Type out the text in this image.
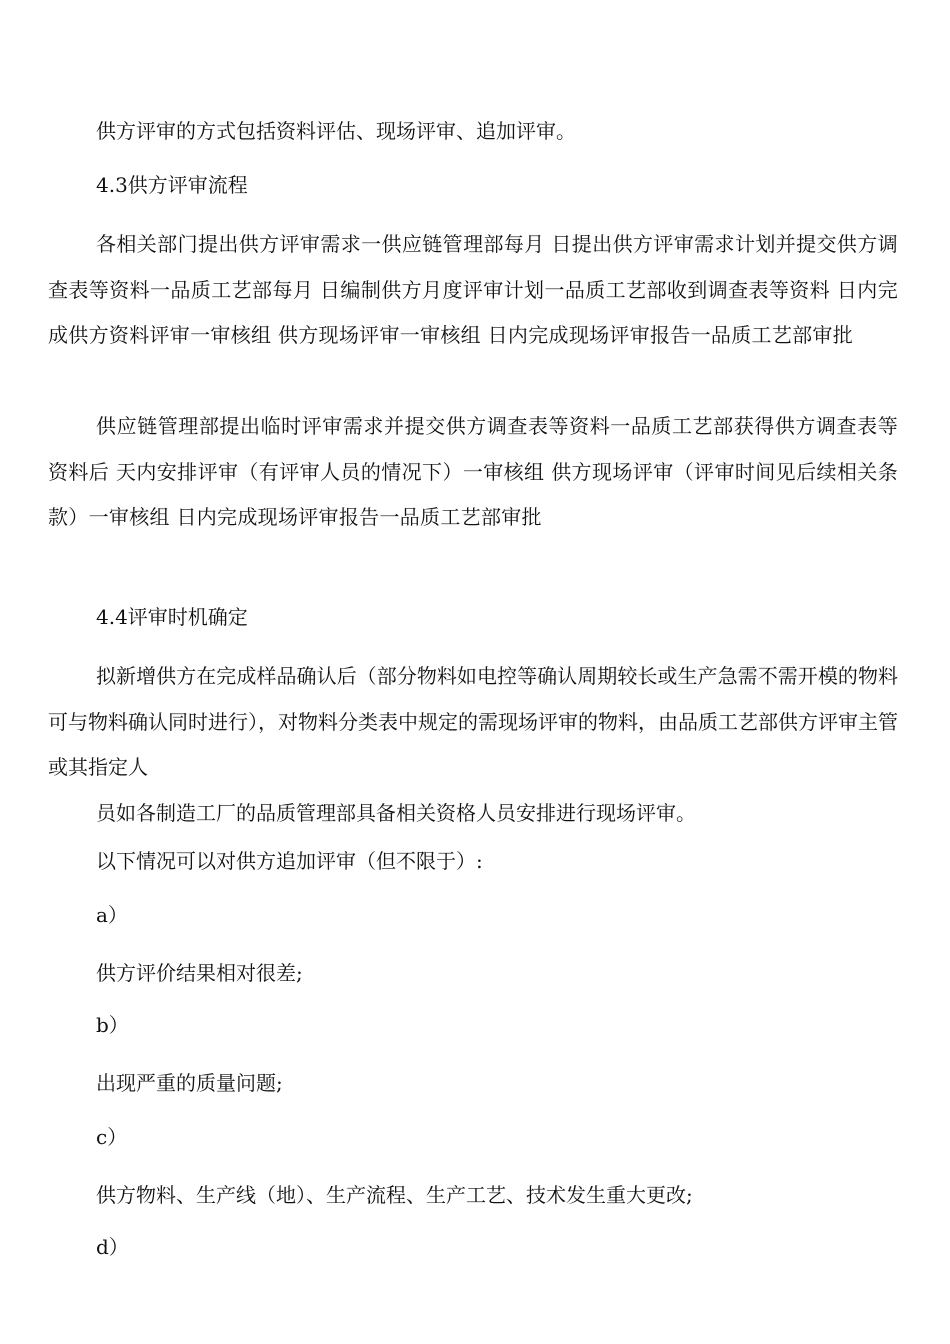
供方评审的方式包括资料评估、现场评审、追加评审。
4.3供方评审流程
各相关部门提出供方评审需求一供应链管理部每月 日提出供方评审需求计划并提交供方调查表等资料一品质工艺部每月 日编制供方月度评审计划一品质工艺部收到调查表等资料 日内完成供方资料评审一审核组 供方现场评审一审核组 日内完成现场评审报告一品质工艺部审批
供应链管理部提出临时评审需求并提交供方调查表等资料一品质工艺部获得供方调查表等资料后 天内安排评审（有评审人员的情况下）一审核组 供方现场评审（评审时间见后续相关条款）一审核组 日内完成现场评审报告一品质工艺部审批
4.4评审时机确定
拟新增供方在完成样品确认后（部分物料如电控等确认周期较长或生产急需不需开模的物料可与物料确认同时进行），对物料分类表中规定的需现场评审的物料，由品质工艺部供方评审主管或其指定人
员如各制造工厂的品质管理部具备相关资格人员安排进行现场评审。
以下情况可以对供方追加评审（但不限于）:
a）
供方评价结果相对很差;
b）
出现严重的质量问题;
c）
供方物料、生产线（地）、生产流程、生产工艺、技术发生重大更改;
d）
